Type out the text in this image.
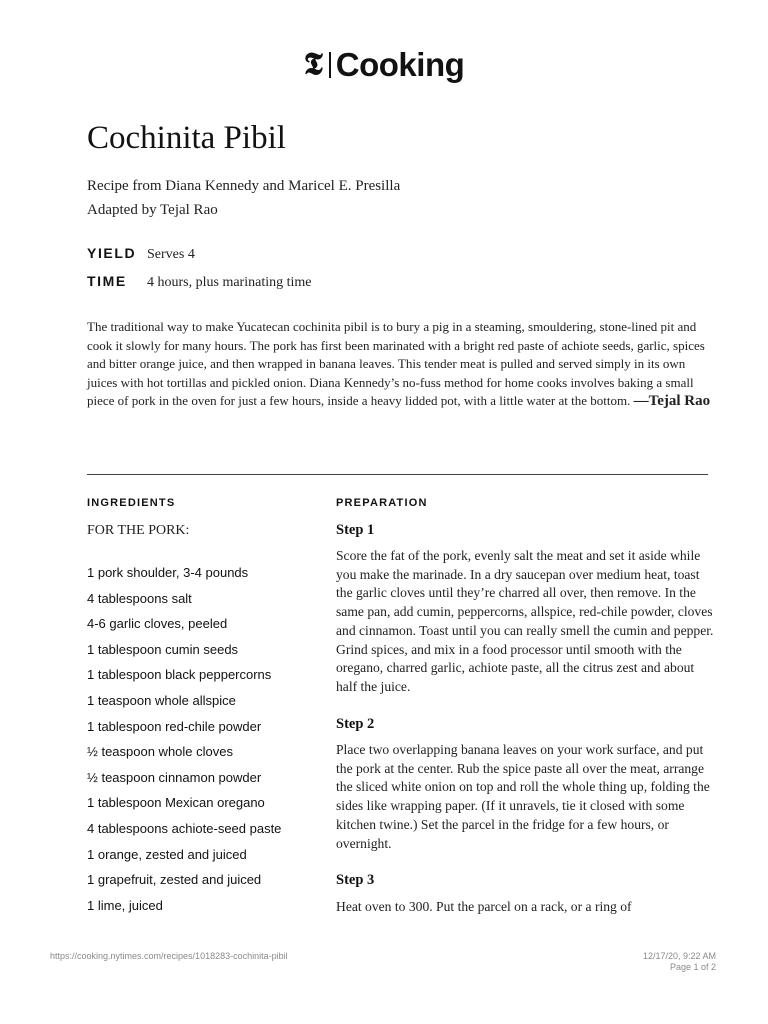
𝕿 Cooking
Cochinita Pibil
Recipe from Diana Kennedy and Maricel E. Presilla
Adapted by Tejal Rao
YIELD Serves 4
TIME	4 hours, plus marinating time

The traditional way to make Yucatecan cochinita pibil is to bury a pig in a steaming, smouldering, stone-lined pit and cook it slowly for many hours. The pork has first been marinated with a bright red paste of achiote seeds, garlic, spices and bitter orange juice, and then wrapped in banana leaves. This tender meat is pulled and served simply in its own juices with hot tortillas and pickled onion. Diana Kennedy’s no-fuss method for home cooks involves baking a small piece of pork in the oven for just a few hours, inside a heavy lidded pot, with a little water at the bottom. —Tejal Rao

INGREDIENTS	PREPARATION
FOR THE PORK:
1 pork shoulder, 3-4 pounds
4 tablespoons salt
4-6 garlic cloves, peeled
1 tablespoon cumin seeds
1 tablespoon black peppercorns
1 teaspoon whole allspice
1 tablespoon red-chile powder
½ teaspoon whole cloves
½ teaspoon cinnamon powder
1 tablespoon Mexican oregano
4 tablespoons achiote-seed paste
1 orange, zested and juiced
1 grapefruit, zested and juiced
1 lime, juiced
Step 1

Score the fat of the pork, evenly salt the meat and set it aside while you make the marinade. In a dry saucepan over medium heat, toast the garlic cloves until they’re charred all over, then remove. In the same pan, add cumin, peppercorns, allspice, red-chile powder, cloves and cinnamon. Toast until you can really smell the cumin and pepper. Grind spices, and mix in a food processor until smooth with the oregano, charred garlic, achiote paste, all the citrus zest and about half the juice.

Step 2

Place two overlapping banana leaves on your work surface, and put the pork at the center. Rub the spice paste all over the meat, arrange the sliced white onion on top and roll the whole thing up, folding the sides like wrapping paper. (If it unravels, tie it closed with some kitchen twine.) Set the parcel in the fridge for a few hours, or overnight.

Step 3

Heat oven to 300. Put the parcel on a rack, or a ring of

https://cooking.nytimes.com/recipes/1018283-cochinita-pibil	12/17/20, 9:22 AM
Page 1 of 2
